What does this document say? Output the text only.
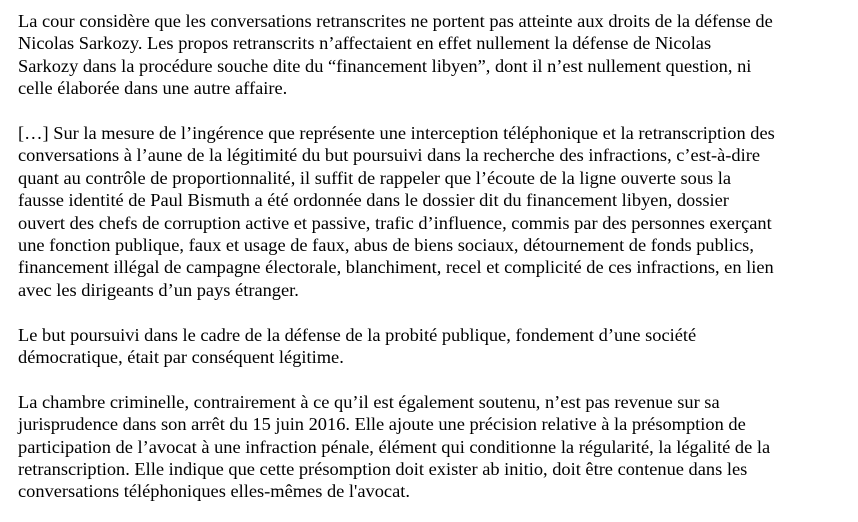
La cour considère que les conversations retranscrites ne portent pas atteinte aux droits de la défense de
Nicolas Sarkozy. Les propos retranscrits n’affectaient en effet nullement la défense de Nicolas
Sarkozy dans la procédure souche dite du “financement libyen”, dont il n’est nullement question, ni
celle élaborée dans une autre affaire.

[…] Sur la mesure de l’ingérence que représente une interception téléphonique et la retranscription des
conversations à l’aune de la légitimité du but poursuivi dans la recherche des infractions, c’est-à-dire
quant au contrôle de proportionnalité, il suffit de rappeler que l’écoute de la ligne ouverte sous la
fausse identité de Paul Bismuth a été ordonnée dans le dossier dit du financement libyen, dossier
ouvert des chefs de corruption active et passive, trafic d’influence, commis par des personnes exerçant
une fonction publique, faux et usage de faux, abus de biens sociaux, détournement de fonds publics,
financement illégal de campagne électorale, blanchiment, recel et complicité de ces infractions, en lien
avec les dirigeants d’un pays étranger.

Le but poursuivi dans le cadre de la défense de la probité publique, fondement d’une société
démocratique, était par conséquent légitime.

La chambre criminelle, contrairement à ce qu’il est également soutenu, n’est pas revenue sur sa
jurisprudence dans son arrêt du 15 juin 2016. Elle ajoute une précision relative à la présomption de
participation de l’avocat à une infraction pénale, élément qui conditionne la régularité, la légalité de la
retranscription. Elle indique que cette présomption doit exister ab initio, doit être contenue dans les
conversations téléphoniques elles-mêmes de l'avocat.
